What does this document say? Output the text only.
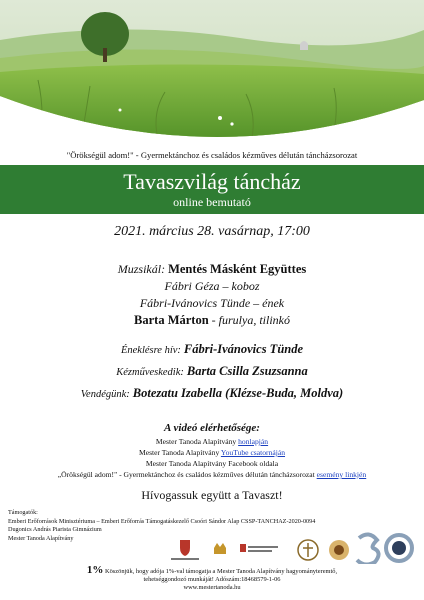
"Örökségül adom!" - Gyermektánchoz és családos kézműves délután táncházsorozat
Tavaszvilág táncház
online bemutató
2021. március 28. vasárnap, 17:00
Muzsikál: Mentés Másként Együttes
Fábri Géza – koboz
Fábri-Ivánovics Tünde – ének
Barta Márton - furulya, tilinkó
Éneklésre hív: Fábri-Ivánovics Tünde
Kézművesked​ik: Barta Csilla Zsuzsanna
Vendégünk: Botezatu Izabella (Klézse-Buda, Moldva)
A videó elérhetősége:
Mester Tanoda Alapítvány honlapján
Mester Tanoda Alapítvány YouTube csatornáján
Mester Tanoda Alapítvány Facebook oldala
„Örökségül adom!" - Gyermektánchoz és családos kézműves délután táncházsorozat esemény linkjén
Hívogassuk együtt a Tavaszt!
Támogatók:
Emberi Erőforrások Minisztériuma – Emberi Erőforrás Támogatáskezelő Csoóri Sándor Alap CSSP-TANCHAZ-2020-0094
Dugonics András Piarista Gimnázium
Mester Tanoda Alapítvány
1% Köszönjük, hogy adója 1%-val támogatja a Mester Tanoda Alapítvány hagyományteremtő,
tehetséggondozó munkáját! Adószám:18468579-1-06
www.mestertanoda.hu
